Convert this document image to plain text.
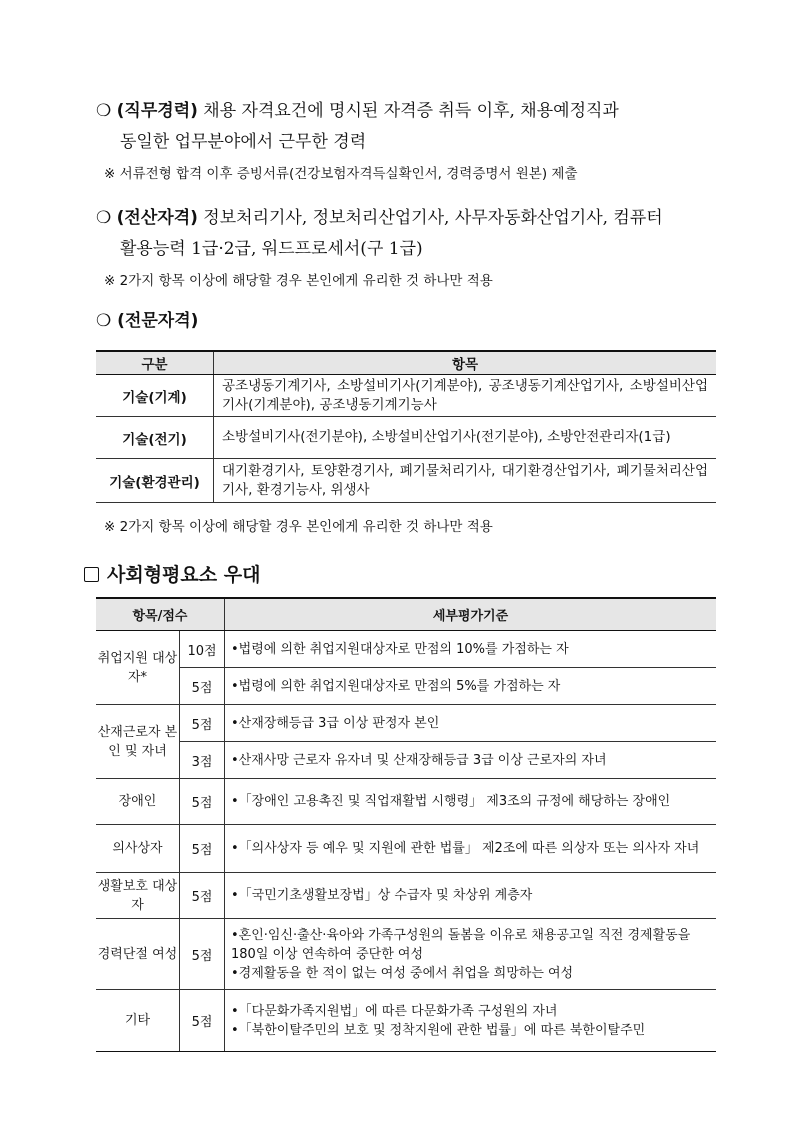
❍ (직무경력) 채용 자격요건에 명시된 자격증 취득 이후, 채용예정직과
동일한 업무분야에서 근무한 경력
※ 서류전형 합격 이후 증빙서류(건강보험자격득실확인서, 경력증명서 원본) 제출
❍ (전산자격) 정보처리기사, 정보처리산업기사, 사무자동화산업기사, 컴퓨터
활용능력 1급·2급, 워드프로세서(구 1급)
※ 2가지 항목 이상에 해당할 경우 본인에게 유리한 것 하나만 적용
❍ (전문자격)
구분	항목
기술(기계)	공조냉동기계기사, 소방설비기사(기계분야), 공조냉동기계산업기사, 소방설비산업기사(기계분야), 공조냉동기계기능사
기술(전기)	소방설비기사(전기분야), 소방설비산업기사(전기분야), 소방안전관리자(1급)
기술(환경관리)	대기환경기사, 토양환경기사, 폐기물처리기사, 대기환경산업기사, 폐기물처리산업기사, 환경기능사, 위생사
※ 2가지 항목 이상에 해당할 경우 본인에게 유리한 것 하나만 적용
사회형평요소 우대
항목/점수		세부평가기준
취업지원 대상자*	10점	•법령에 의한 취업지원대상자로 만점의 10%를 가점하는 자

	5점	•법령에 의한 취업지원대상자로 만점의 5%를 가점하는 자

산재근로자 본인 및 자녀	5점	•산재장해등급 3급 이상 판정자 본인

	3점	•산재사망 근로자 유자녀 및 산재장해등급 3급 이상 근로자의 자녀

장애인	5점	•「장애인 고용촉진 및 직업재활법 시행령」 제3조의 규정에 해당하는 장애인

의사상자	5점	•「의사상자 등 예우 및 지원에 관한 법률」 제2조에 따른 의상자 또는 의사자 자녀

생활보호 대상자	5점	•「국민기초생활보장법」상 수급자 및 차상위 계층자

경력단절 여성	5점	•혼인·임신·출산·육아와 가족구성원의 돌봄을 이유로 채용공고일 직전 경제활동을 180일 이상 연속하여 중단한 여성
•경제활동을 한 적이 없는 여성 중에서 취업을 희망하는 여성

기타	5점	•「다문화가족지원법」에 따른 다문화가족 구성원의 자녀
•「북한이탈주민의 보호 및 정착지원에 관한 법률」에 따른 북한이탈주민
